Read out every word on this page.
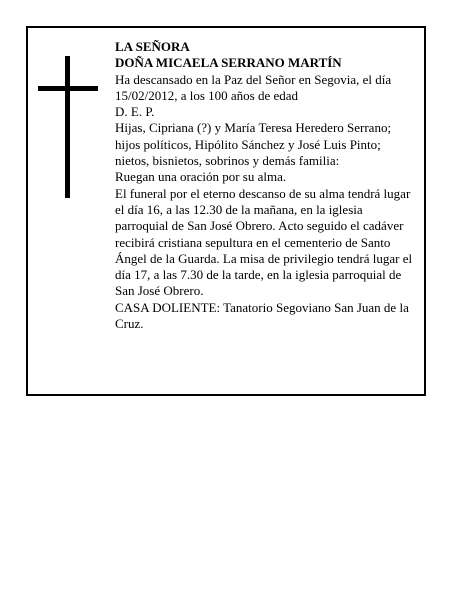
LA SEÑORA

DOÑA MICAELA SERRANO MARTÍN

Ha descansado en la Paz del Señor en Segovia, el día 15/02/2012, a los 100 años de edad

D. E. P.

Hijas, Cipriana (?) y María Teresa Heredero Serrano; hijos políticos, Hipólito Sánchez y José Luis Pinto; nietos, bisnietos, sobrinos y demás familia:

Ruegan una oración por su alma.

El funeral por el eterno descanso de su alma tendrá lugar el día 16, a las 12.30 de la mañana, en la iglesia parroquial de San José Obrero. Acto seguido el cadáver recibirá cristiana sepultura en el cementerio de Santo Ángel de la Guarda. La misa de privilegio tendrá lugar el día 17, a las 7.30 de la tarde, en la iglesia parroquial de San José Obrero.

CASA DOLIENTE: Tanatorio Segoviano San Juan de la Cruz.
